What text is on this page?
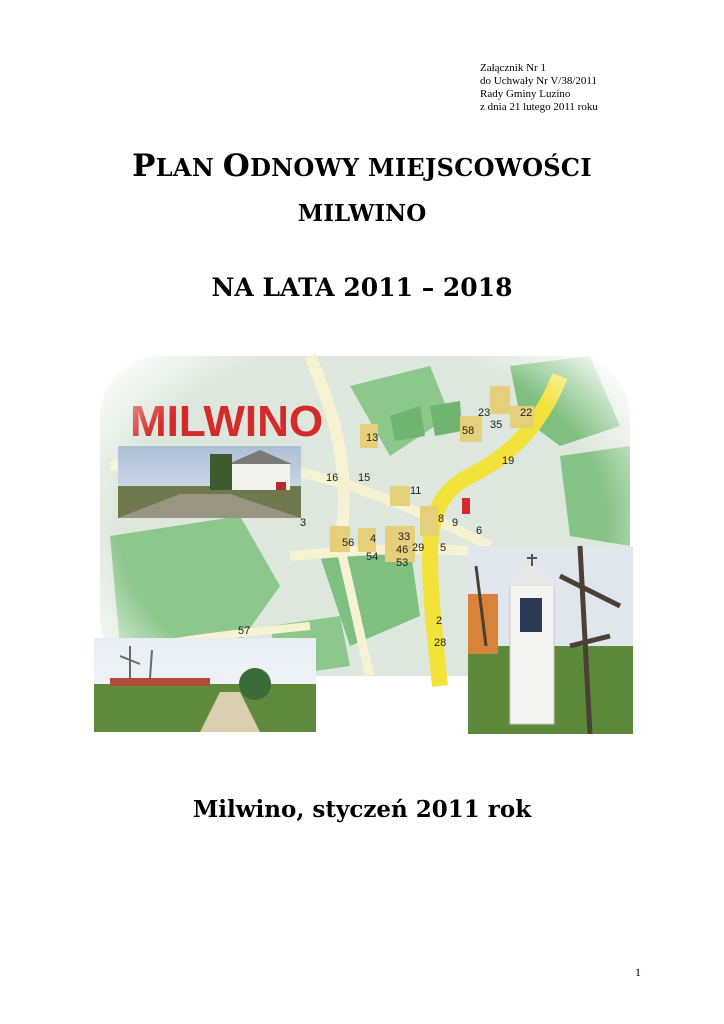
Załącznik Nr 1
do Uchwały Nr V/38/2011
Rady Gminy Luzino
z dnia 21 lutego 2011 roku
PLAN ODNOWY MIEJSCOWOŚCI
MILWINO
NA LATA 2011 – 2018
Milwino, styczeń 2011 rok
1
